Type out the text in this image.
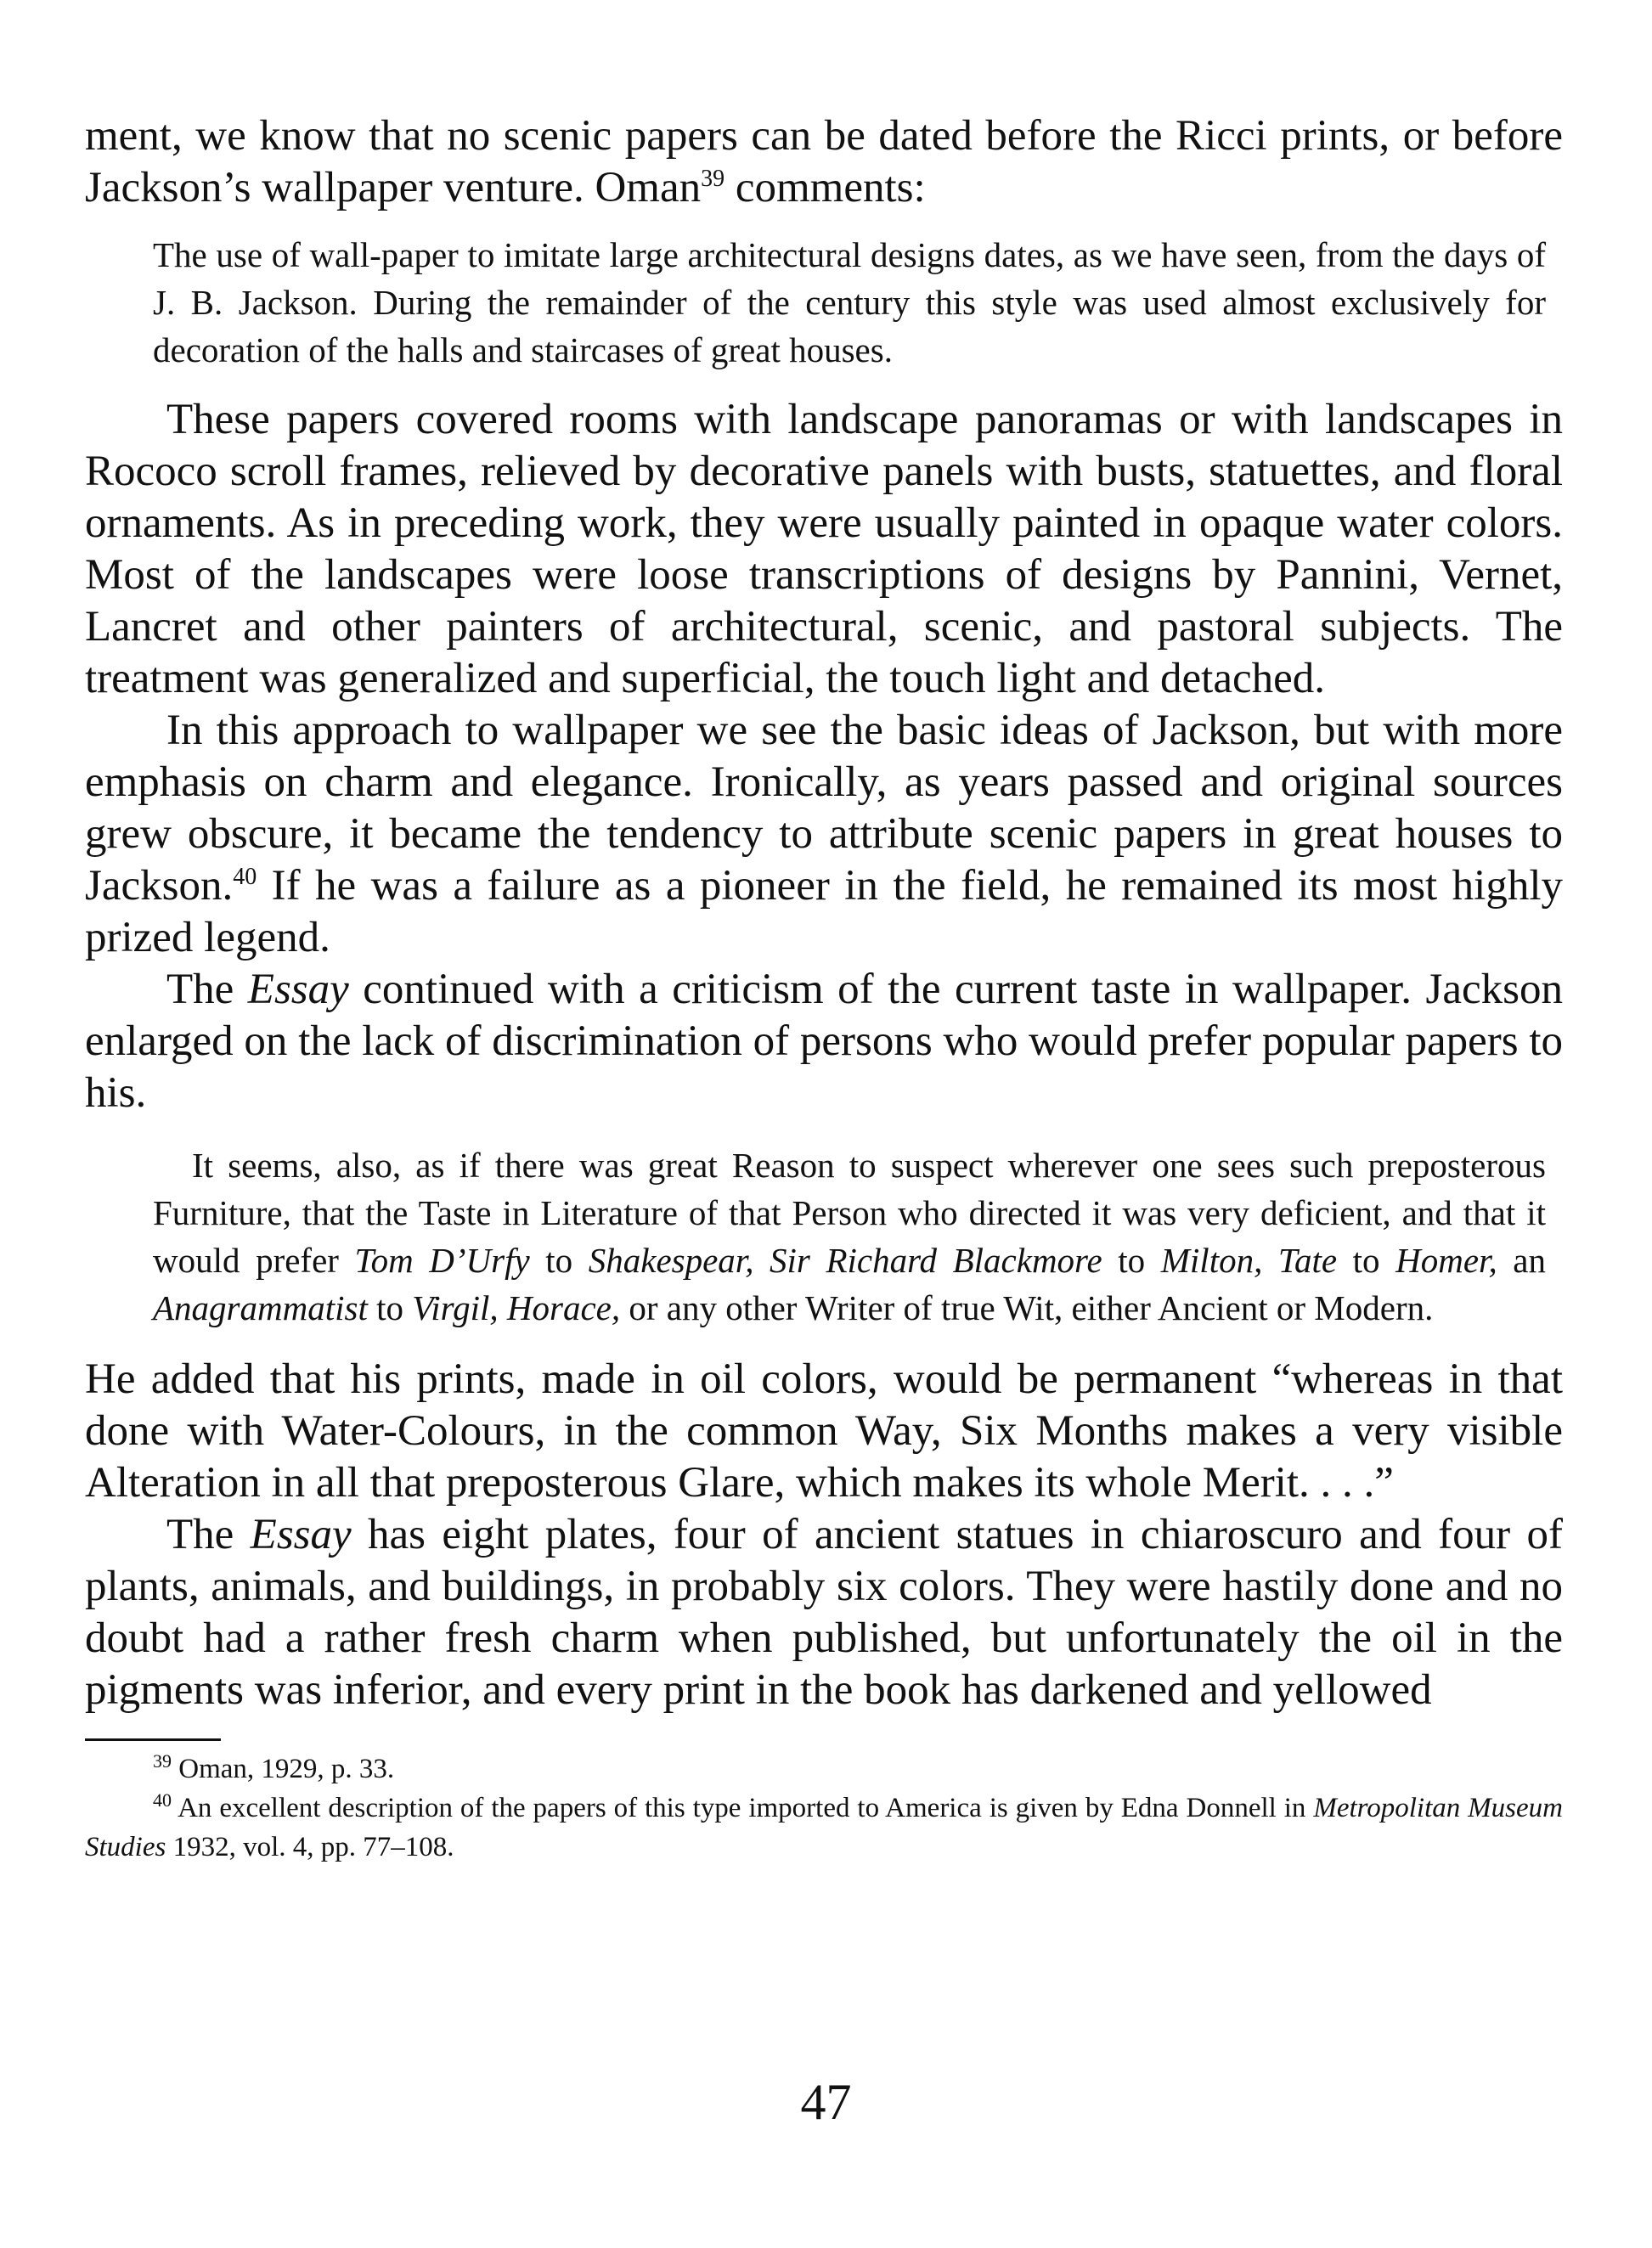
ment, we know that no scenic papers can be dated before the Ricci prints, or before Jackson’s wallpaper venture. Oman$^{39}$ comments:

The use of wall-paper to imitate large architectural designs dates, as we have seen, from the days of J. B. Jackson. During the remainder of the century this style was used almost exclusively for decoration of the halls and staircases of great houses.

These papers covered rooms with landscape panoramas or with landscapes in Rococo scroll frames, relieved by decorative panels with busts, statuettes, and floral ornaments. As in preceding work, they were usually painted in opaque water colors. Most of the landscapes were loose transcriptions of designs by Pannini, Vernet, Lancret and other painters of architectural, scenic, and pastoral subjects. The treatment was generalized and superficial, the touch light and detached.

In this approach to wallpaper we see the basic ideas of Jackson, but with more emphasis on charm and elegance. Ironically, as years passed and original sources grew obscure, it became the tendency to attribute scenic papers in great houses to Jackson.$^{40}$ If he was a failure as a pioneer in the field, he remained its most highly prized legend.

The Essay continued with a criticism of the current taste in wallpaper. Jackson enlarged on the lack of discrimination of persons who would prefer popular papers to his.

It seems, also, as if there was great Reason to suspect wherever one sees such preposterous Furniture, that the Taste in Literature of that Person who directed it was very deficient, and that it would prefer Tom D’Urfy to Shakespear, Sir Richard Blackmore to Milton, Tate to Homer, an Anagrammatist to Virgil, Horace, or any other Writer of true Wit, either Ancient or Modern.

He added that his prints, made in oil colors, would be permanent “whereas in that done with Water-Colours, in the common Way, Six Months makes a very visible Alteration in all that preposterous Glare, which makes its whole Merit. . . .”

The Essay has eight plates, four of ancient statues in chiaroscuro and four of plants, animals, and buildings, in probably six colors. They were hastily done and no doubt had a rather fresh charm when published, but unfortunately the oil in the pigments was inferior, and every print in the book has darkened and yellowed

$^{39}$ Oman, 1929, p. 33.

$^{40}$ An excellent description of the papers of this type imported to America is given by Edna Donnell in Metropolitan Museum Studies 1932, vol. 4, pp. 77–108.

47
